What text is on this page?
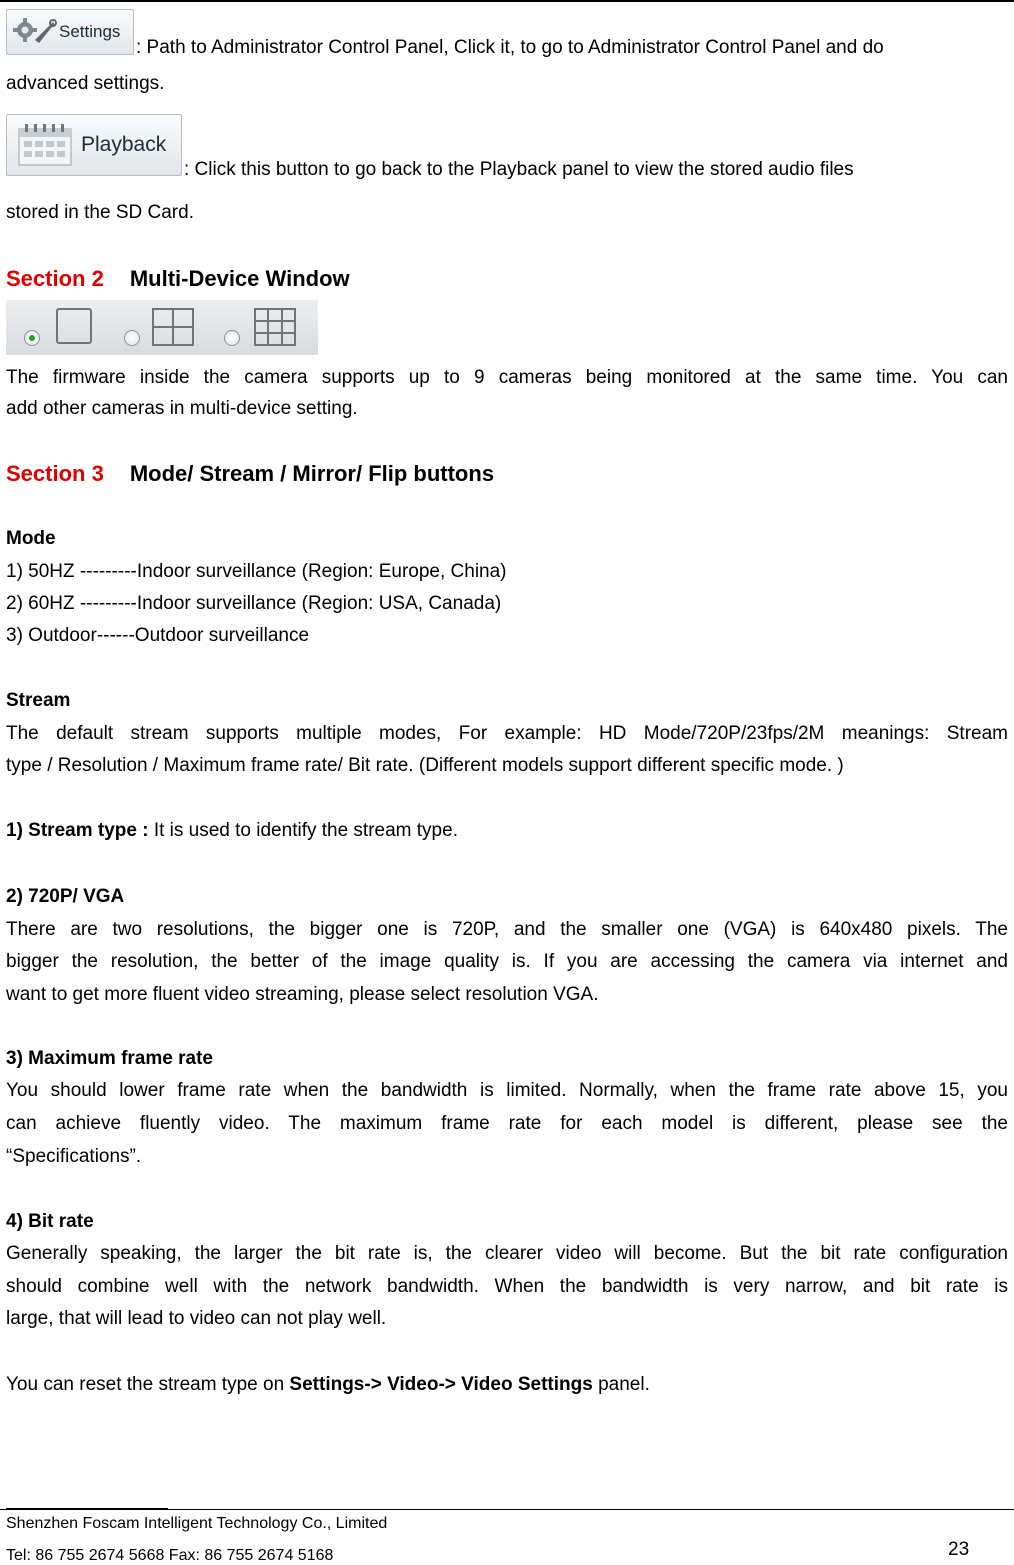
Settings
: Path to Administrator Control Panel, Click it, to go to Administrator Control Panel and do
advanced settings.
Playback
: Click this button to go back to the Playback panel to view the stored audio files
stored in the SD Card.
Section 2 Multi-Device Window
The firmware inside the camera supports up to 9 cameras being monitored at the same time. You can
add other cameras in multi-device setting.
Section 3 Mode/ Stream / Mirror/ Flip buttons
Mode
1) 50HZ ---------Indoor surveillance (Region: Europe, China)
2) 60HZ ---------Indoor surveillance (Region: USA, Canada)
3) Outdoor------Outdoor surveillance
Stream
The default stream supports multiple modes, For example: HD Mode/720P/23fps/2M meanings: Stream
type / Resolution / Maximum frame rate/ Bit rate. (Different models support different specific mode. )
1) Stream type : It is used to identify the stream type.
2) 720P/ VGA
There are two resolutions, the bigger one is 720P, and the smaller one (VGA) is 640x480 pixels. The
bigger the resolution, the better of the image quality is. If you are accessing the camera via internet and
want to get more fluent video streaming, please select resolution VGA.
3) Maximum frame rate
You should lower frame rate when the bandwidth is limited. Normally, when the frame rate above 15, you
can achieve fluently video. The maximum frame rate for each model is different, please see the
“Specifications”.
4) Bit rate
Generally speaking, the larger the bit rate is, the clearer video will become. But the bit rate configuration
should combine well with the network bandwidth. When the bandwidth is very narrow, and bit rate is
large, that will lead to video can not play well.
You can reset the stream type on Settings-> Video-> Video Settings panel.
Shenzhen Foscam Intelligent Technology Co., Limited
Tel: 86 755 2674 5668 Fax: 86 755 2674 5168	23
